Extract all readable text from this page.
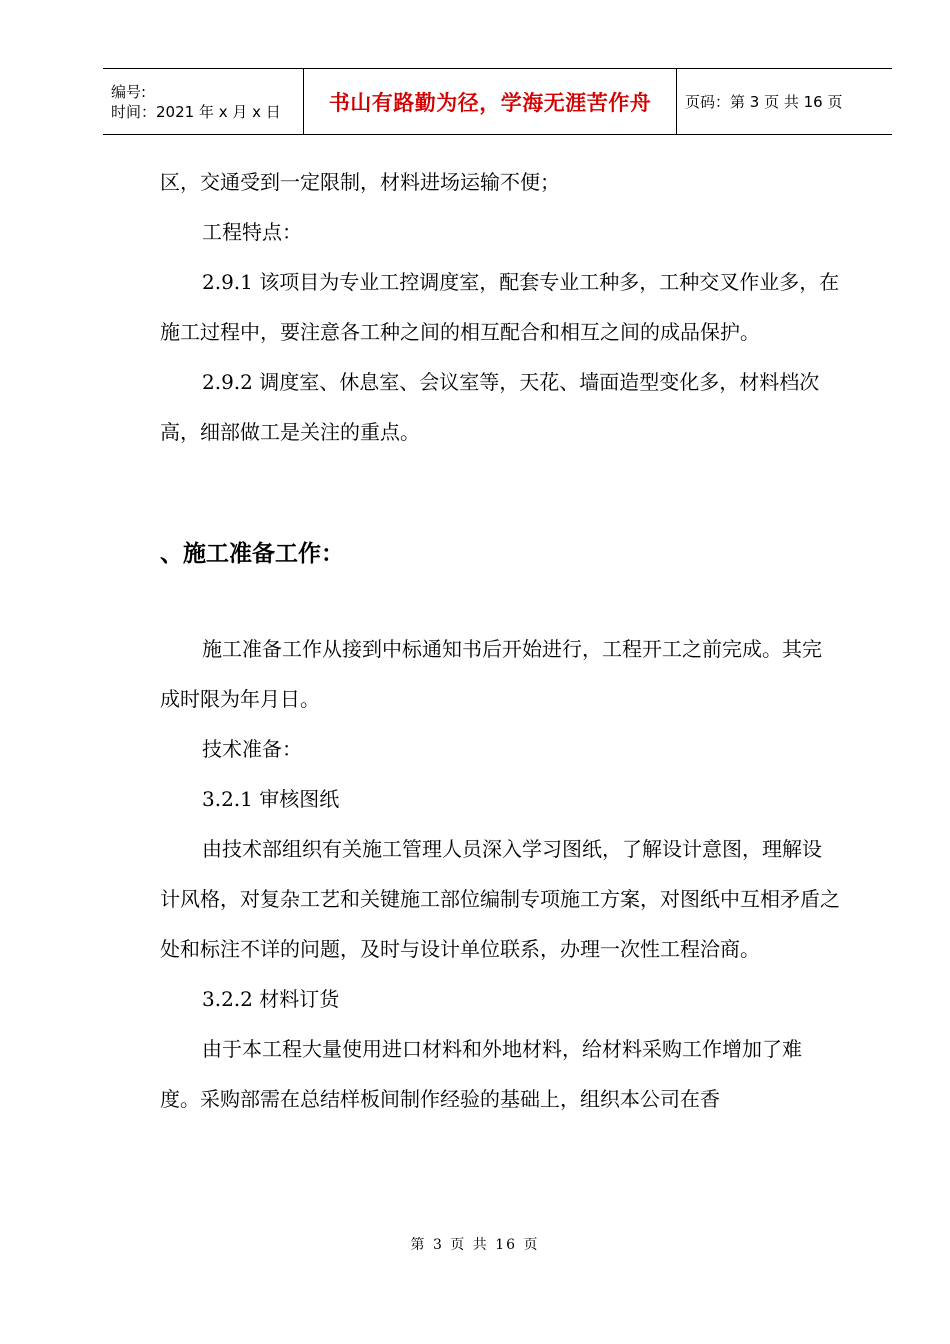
编号:
时间：2021 年 x 月 x 日	书山有路勤为径，学海无涯苦作舟 页码：第 3 页 共 16 页

区，交通受到一定限制，材料进场运输不便；

工程特点：

2.9.1 该项目为专业工控调度室，配套专业工种多，工种交叉作业多，在施工过程中，要注意各工种之间的相互配合和相互之间的成品保护。

2.9.2 调度室、休息室、会议室等，天花、墙面造型变化多，材料档次高，细部做工是关注的重点。

、施工准备工作：

施工准备工作从接到中标通知书后开始进行，工程开工之前完成。其完成时限为年月日。

技术准备：

3.2.1 审核图纸

由技术部组织有关施工管理人员深入学习图纸，了解设计意图，理解设计风格，对复杂工艺和关键施工部位编制专项施工方案，对图纸中互相矛盾之处和标注不详的问题，及时与设计单位联系，办理一次性工程洽商。

3.2.2 材料订货

由于本工程大量使用进口材料和外地材料，给材料采购工作增加了难度。采购部需在总结样板间制作经验的基础上，组织本公司在香

第 3 页 共 16 页
